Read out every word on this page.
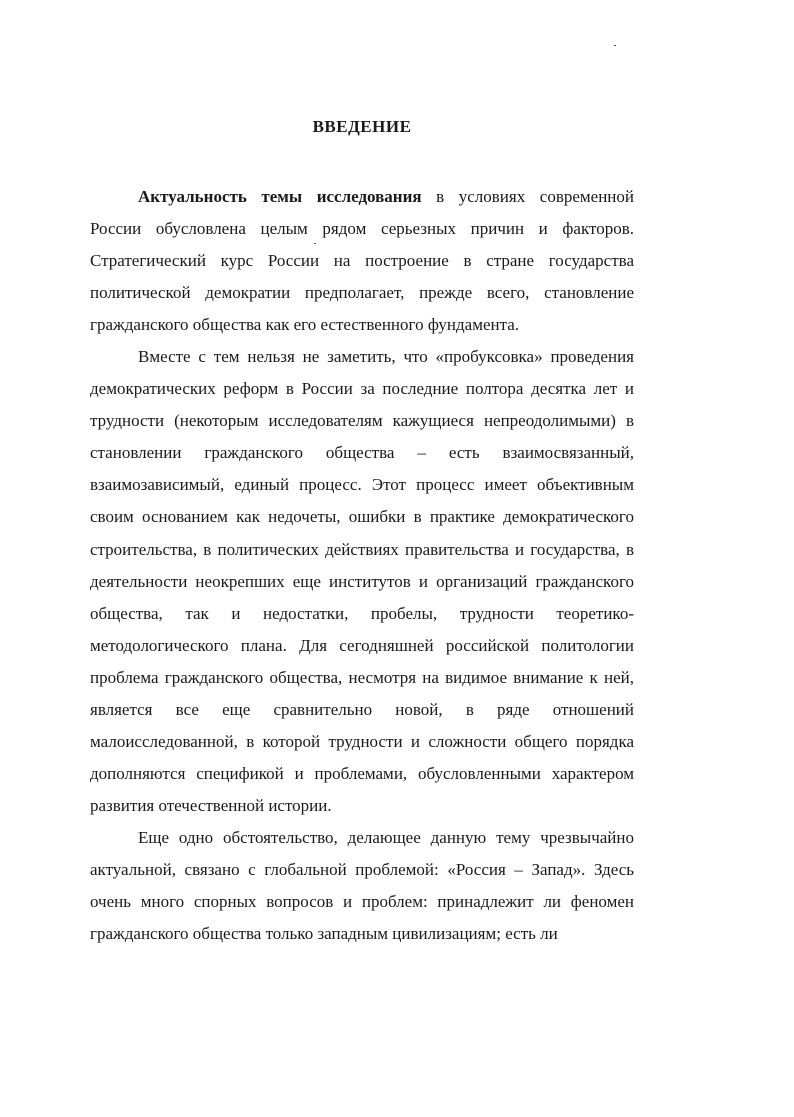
ВВЕДЕНИЕ

Актуальность темы исследования в условиях современной России обусловлена целым рядом серьезных причин и факторов. Стратегический курс России на построение в стране государства политической демократии предполагает, прежде всего, становление гражданского общества как его естественного фундамента.

Вместе с тем нельзя не заметить, что «пробуксовка» проведения демократических реформ в России за последние полтора десятка лет и трудности (некоторым исследователям кажущиеся непреодолимыми) в становлении гражданского общества – есть взаимосвязанный, взаимозависимый, единый процесс. Этот процесс имеет объективным своим основанием как недочеты, ошибки в практике демократического строительства, в политических действиях правительства и государства, в деятельности неокрепших еще институтов и организаций гражданского общества, так и недостатки, пробелы, трудности теоретико-методологического плана. Для сегодняшней российской политологии проблема гражданского общества, несмотря на видимое внимание к ней, является все еще сравнительно новой, в ряде отношений малоисследованной, в которой трудности и сложности общего порядка дополняются спецификой и проблемами, обусловленными характером развития отечественной истории.

Еще одно обстоятельство, делающее данную тему чрезвычайно актуальной, связано с глобальной проблемой: «Россия – Запад». Здесь очень много спорных вопросов и проблем: принадлежит ли феномен гражданского общества только западным цивилизациям; есть ли
